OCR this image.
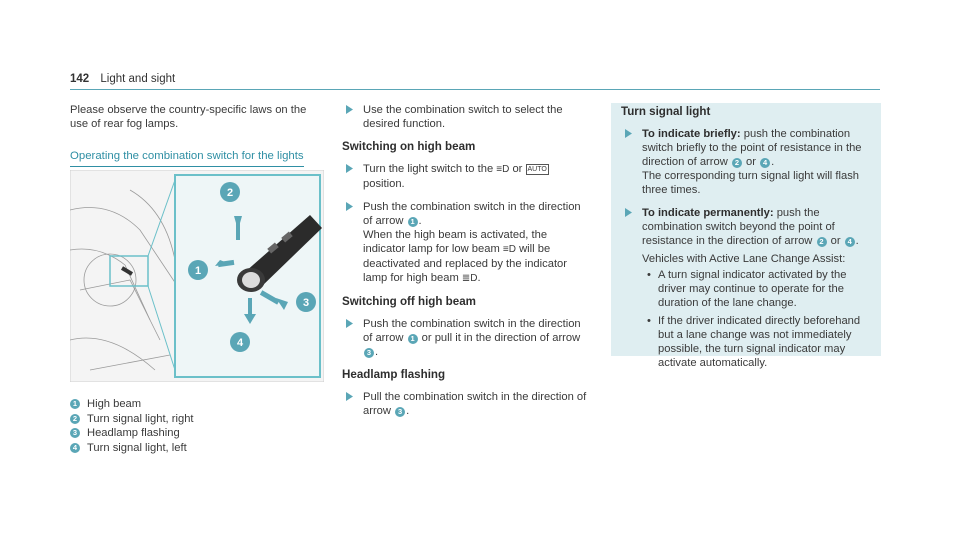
142 Light and sight

Please observe the country-specific laws on the use of rear fog lamps.

Operating the combination switch for the lights
1
2
3
4
1 High beam
2 Turn signal light, right
3 Headlamp flashing
4 Turn signal light, left

Use the combination switch to select the desired function.

Switching on high beam

Turn the light switch to the ≡D or AUTO position.

Push the combination switch in the direction of arrow 1 .
When the high beam is activated, the indicator lamp for low beam ≡D will be deactivated and replaced by the indicator lamp for high beam ≣D.

Switching off high beam

Push the combination switch in the direction of arrow 1 or pull it in the direction of arrow
3 .

Headlamp flashing

Pull the combination switch in the direction of arrow 3 .

Turn signal light

To indicate briefly: push the combination switch briefly to the point of resistance in the direction of arrow 2 or 4 .
The corresponding turn signal light will flash three times.

To indicate permanently: push the combination switch beyond the point of resistance in the direction of arrow 2 or 4 .

Vehicles with Active Lane Change Assist:

• A turn signal indicator activated by the driver may continue to operate for the duration of the lane change.
• If the driver indicated directly beforehand but a lane change was not immediately possible, the turn signal indicator may activate automatically.
